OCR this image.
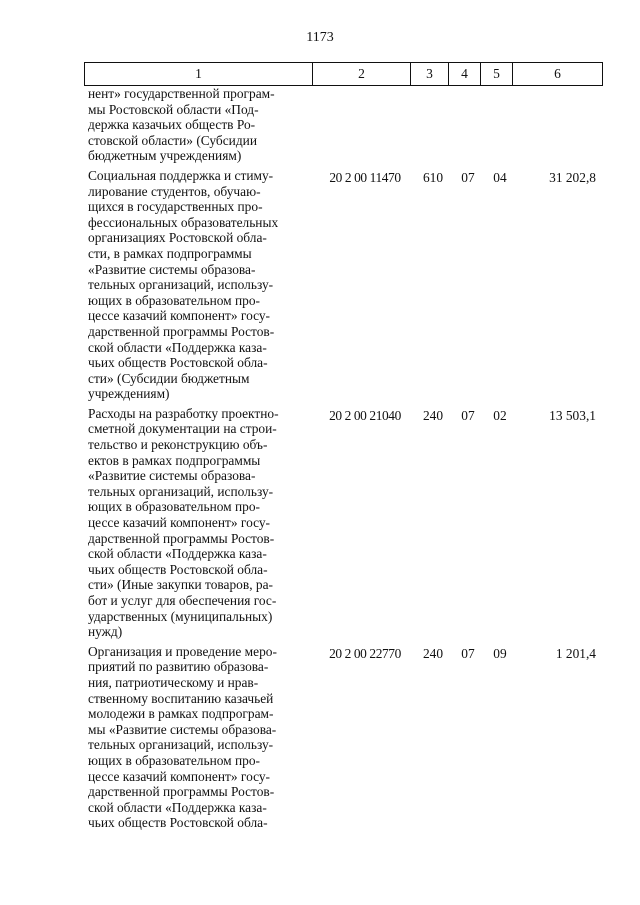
1173
1	2	3	4	5	6
нент» государственной програм-
мы Ростовской области «Под-
держка казачьих обществ Ро-
стовской области» (Субсидии
бюджетным учреждениям)
Социальная поддержка и стиму-
лирование студентов, обучаю-
щихся в государственных про-
фессиональных образовательных
организациях Ростовской обла-
сти, в рамках подпрограммы
«Развитие системы образова-
тельных организаций, использу-
ющих в образовательном про-
цессе казачий компонент» госу-
дарственной программы Ростов-
ской области «Поддержка каза-
чьих обществ Ростовской обла-
сти» (Субсидии бюджетным
учреждениям)
20 2 00 11470	610	07	04	31 202,8
Расходы на разработку проектно-
сметной документации на строи-
тельство и реконструкцию объ-
ектов в рамках подпрограммы
«Развитие системы образова-
тельных организаций, использу-
ющих в образовательном про-
цессе казачий компонент» госу-
дарственной программы Ростов-
ской области «Поддержка каза-
чьих обществ Ростовской обла-
сти» (Иные закупки товаров, ра-
бот и услуг для обеспечения гос-
ударственных (муниципальных)
нужд)
20 2 00 21040	240	07	02	13 503,1
Организация и проведение меро-
приятий по развитию образова-
ния, патриотическому и нрав-
ственному воспитанию казачьей
молодежи в рамках подпрограм-
мы «Развитие системы образова-
тельных организаций, использу-
ющих в образовательном про-
цессе казачий компонент» госу-
дарственной программы Ростов-
ской области «Поддержка каза-
чьих обществ Ростовской обла-
20 2 00 22770	240	07	09	1 201,4
